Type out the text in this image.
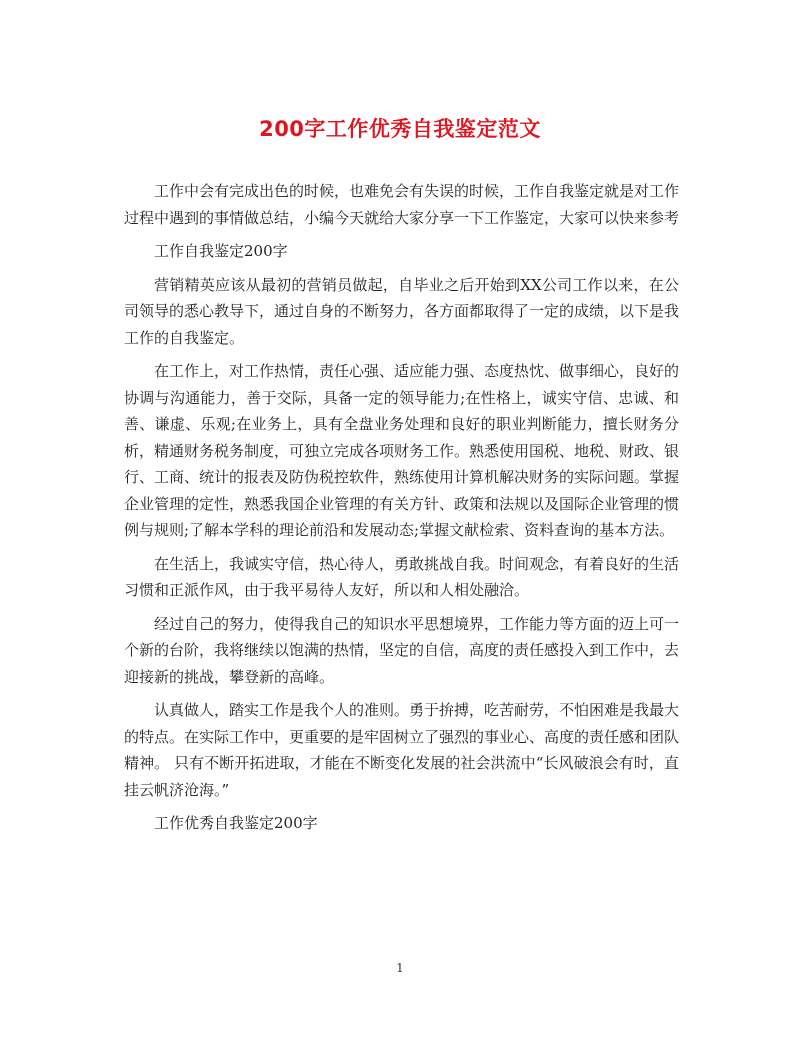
200字工作优秀自我鉴定范文

工作中会有完成出色的时候，也难免会有失误的时候，工作自我鉴定就是对工作过程中遇到的事情做总结，小编今天就给大家分享一下工作鉴定，大家可以快来参考

工作自我鉴定200字

营销精英应该从最初的营销员做起，自毕业之后开始到XX公司工作以来，在公司领导的悉心教导下，通过自身的不断努力，各方面都取得了一定的成绩，以下是我工作的自我鉴定。

在工作上，对工作热情，责任心强、适应能力强、态度热忱、做事细心，良好的协调与沟通能力，善于交际，具备一定的领导能力;在性格上，诚实守信、忠诚、和善、谦虚、乐观;在业务上，具有全盘业务处理和良好的职业判断能力，擅长财务分析，精通财务税务制度，可独立完成各项财务工作。熟悉使用国税、地税、财政、银行、工商、统计的报表及防伪税控软件，熟练使用计算机解决财务的实际问题。掌握企业管理的定性，熟悉我国企业管理的有关方针、政策和法规以及国际企业管理的惯例与规则;了解本学科的理论前沿和发展动态;掌握文献检索、资料查询的基本方法。

在生活上，我诚实守信，热心待人，勇敢挑战自我。时间观念，有着良好的生活习惯和正派作风，由于我平易待人友好，所以和人相处融洽。

经过自己的努力，使得我自己的知识水平思想境界，工作能力等方面的迈上可一个新的台阶，我将继续以饱满的热情，坚定的自信，高度的责任感投入到工作中，去迎接新的挑战，攀登新的高峰。

认真做人，踏实工作是我个人的准则。勇于拚搏，吃苦耐劳，不怕困难是我最大的特点。在实际工作中，更重要的是牢固树立了强烈的事业心、高度的责任感和团队精神。 只有不断开拓进取，才能在不断变化发展的社会洪流中“长风破浪会有时，直挂云帆济沧海。”

工作优秀自我鉴定200字

1
